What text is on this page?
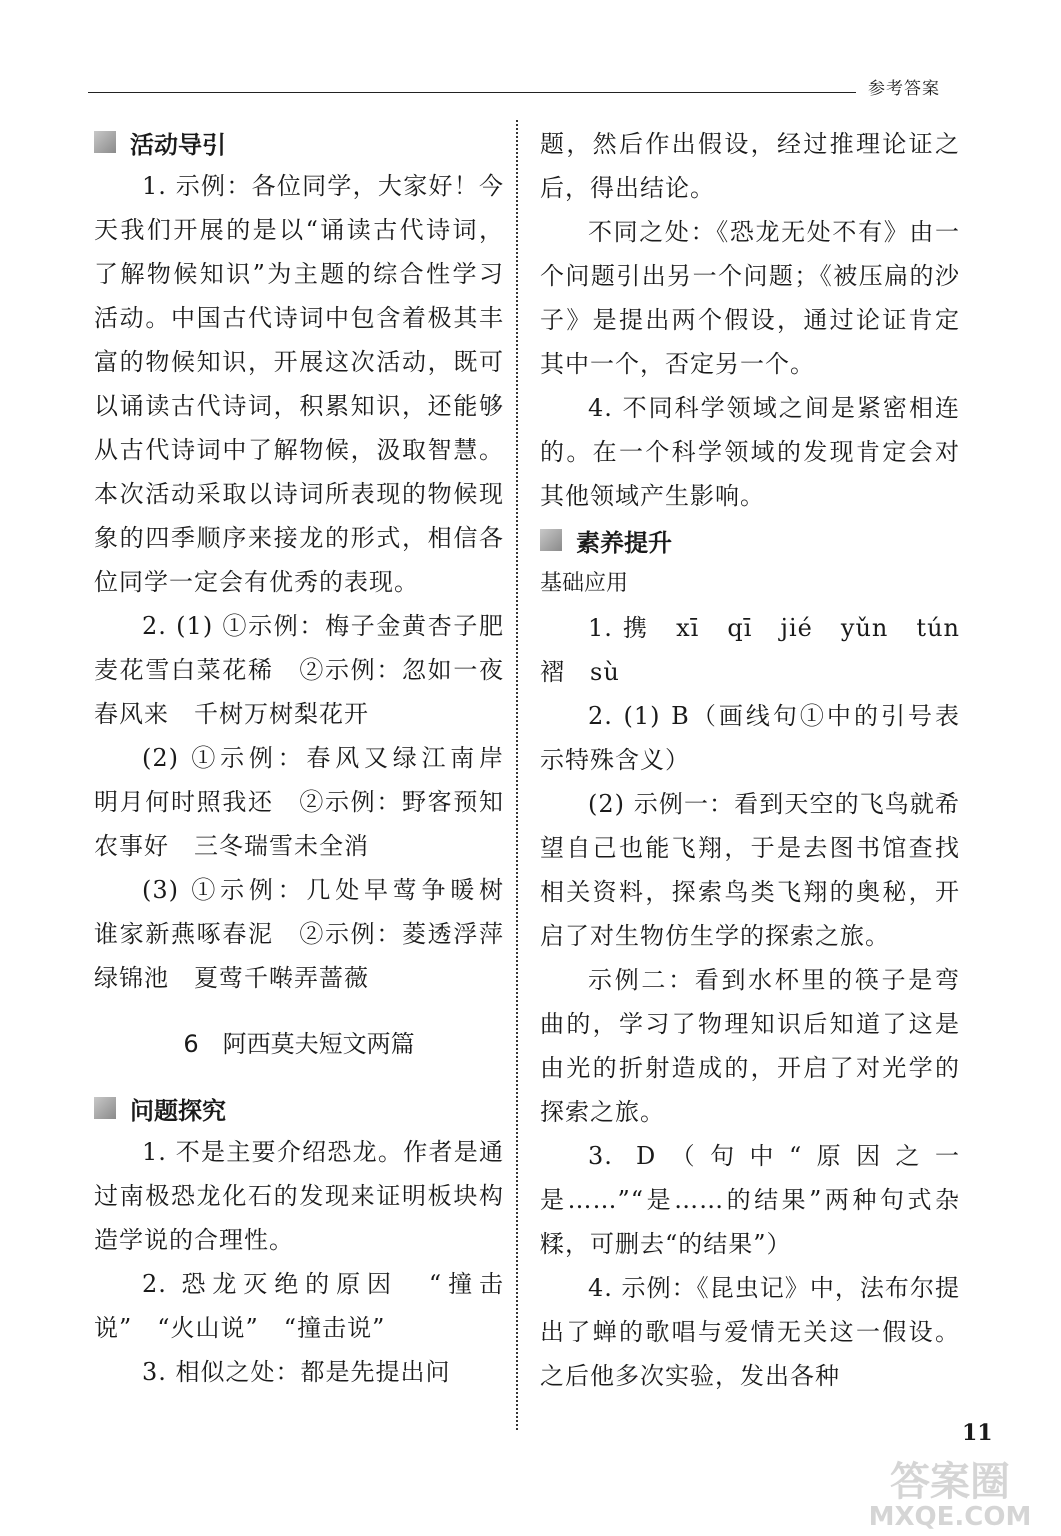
参考答案
活动导引

1. 示例：各位同学，大家好！今天我们开展的是以“诵读古代诗词，了解物候知识”为主题的综合性学习活动。中国古代诗词中包含着极其丰富的物候知识，开展这次活动，既可以诵读古代诗词，积累知识，还能够从古代诗词中了解物候，汲取智慧。本次活动采取以诗词所表现的物候现象的四季顺序来接龙的形式，相信各位同学一定会有优秀的表现。

2. (1) ①示例：梅子金黄杏子肥　麦花雪白菜花稀　②示例：忽如一夜春风来　千树万树梨花开

(2) ①示例：春风又绿江南岸　明月何时照我还　②示例：野客预知农事好　三冬瑞雪未全消

(3) ①示例：几处早莺争暖树　谁家新燕啄春泥　②示例：菱透浮萍绿锦池　夏莺千啭弄蔷薇

6　阿西莫夫短文两篇
问题探究

1. 不是主要介绍恐龙。作者是通过南极恐龙化石的发现来证明板块构造学说的合理性。

2. 恐龙灭绝的原因　“撞击说”　“火山说”　“撞击说”

3. 相似之处：都是先提出问

题，然后作出假设，经过推理论证之后，得出结论。

不同之处：《恐龙无处不有》由一个问题引出另一个问题；《被压扁的沙子》是提出两个假设，通过论证肯定其中一个，否定另一个。

4. 不同科学领域之间是紧密相连的。在一个科学领域的发现肯定会对其他领域产生影响。

素养提升
基础应用

1. 携　xī　qī　jié　yǔn　tún　褶　sù

2. (1) B（画线句①中的引号表示特殊含义）

(2) 示例一：看到天空的飞鸟就希望自己也能飞翔，于是去图书馆查找相关资料，探索鸟类飞翔的奥秘，开启了对生物仿生学的探索之旅。

示例二：看到水杯里的筷子是弯曲的，学习了物理知识后知道了这是由光的折射造成的，开启了对光学的探索之旅。

3. D（句中“原因之一是……”“是……的结果”两种句式杂糅，可删去“的结果”）

4. 示例：《昆虫记》中，法布尔提出了蝉的歌唱与爱情无关这一假设。之后他多次实验，发出各种

11
答案圈
MXQE.COM
